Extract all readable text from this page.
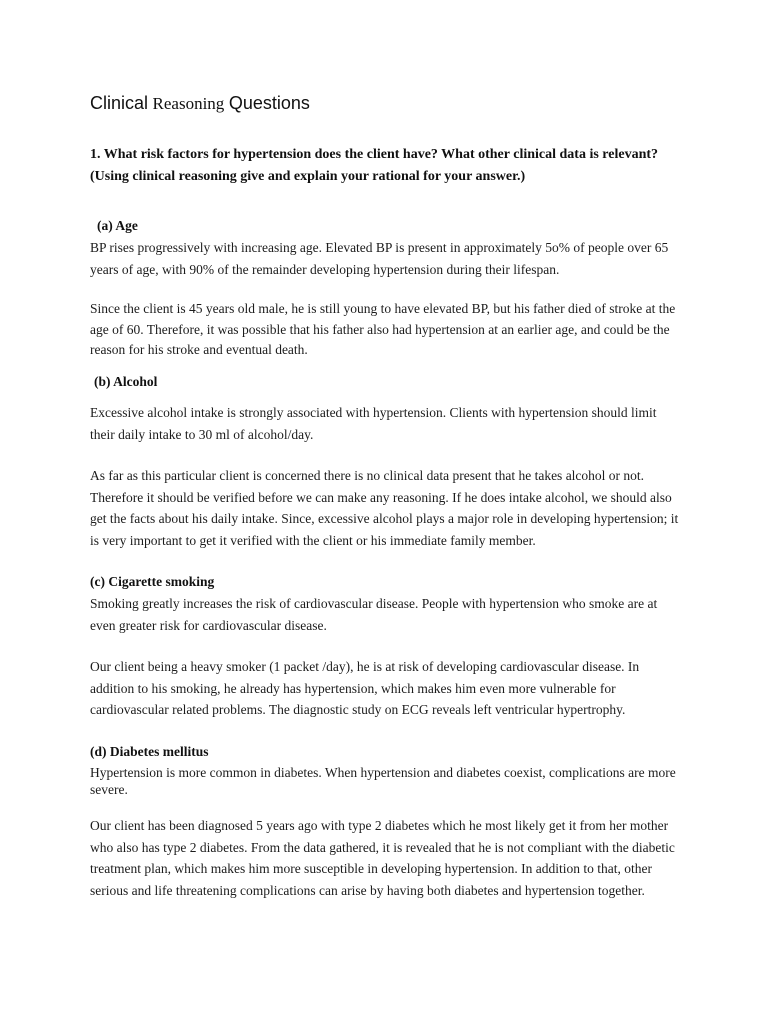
Clinical Reasoning Questions
1. What risk factors for hypertension does the client have? What other clinical data is relevant? (Using clinical reasoning give and explain your rational for your answer.)
(a) Age
BP rises progressively with increasing age. Elevated BP is present in approximately 5o% of people over 65 years of age, with 90% of the remainder developing hypertension during their lifespan.
Since the client is 45 years old male, he is still young to have elevated BP, but his father died of stroke at the age of 60. Therefore, it was possible that his father also had hypertension at an earlier age, and could be the reason for his stroke and eventual death.
(b) Alcohol
Excessive alcohol intake is strongly associated with hypertension. Clients with hypertension should limit their daily intake to 30 ml of alcohol/day.
As far as this particular client is concerned there is no clinical data present that he takes alcohol or not. Therefore it should be verified before we can make any reasoning. If he does intake alcohol, we should also get the facts about his daily intake. Since, excessive alcohol plays a major role in developing hypertension; it is very important to get it verified with the client or his immediate family member.
(c) Cigarette smoking
Smoking greatly increases the risk of cardiovascular disease. People with hypertension who smoke are at even greater risk for cardiovascular disease.
Our client being a heavy smoker (1 packet /day), he is at risk of developing cardiovascular disease. In addition to his smoking, he already has hypertension, which makes him even more vulnerable for cardiovascular related problems. The diagnostic study on ECG reveals left ventricular hypertrophy.
(d) Diabetes mellitus
Hypertension is more common in diabetes. When hypertension and diabetes coexist, complications are more severe.
Our client has been diagnosed 5 years ago with type 2 diabetes which he most likely get it from her mother who also has type 2 diabetes. From the data gathered, it is revealed that he is not compliant with the diabetic treatment plan, which makes him more susceptible in developing hypertension. In addition to that, other serious and life threatening complications can arise by having both diabetes and hypertension together.
